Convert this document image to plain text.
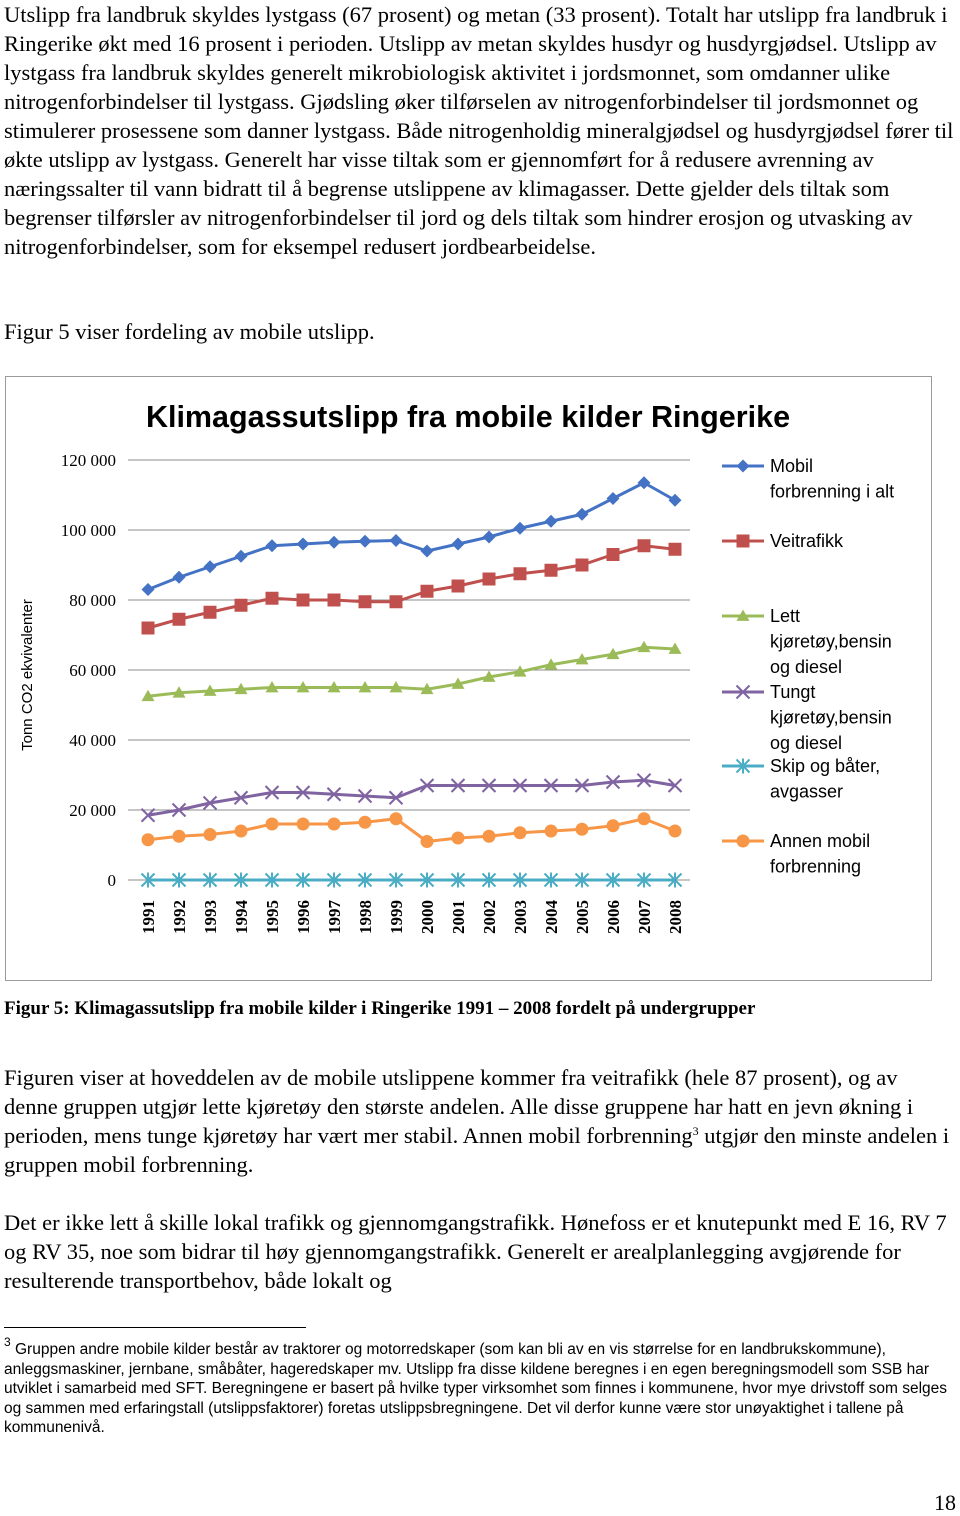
Utslipp fra landbruk skyldes lystgass (67 prosent) og metan (33 prosent). Totalt har utslipp fra landbruk i Ringerike økt med 16 prosent i perioden. Utslipp av metan skyldes husdyr og husdyrgjødsel. Utslipp av lystgass fra landbruk skyldes generelt mikrobiologisk aktivitet i jordsmonnet, som omdanner ulike nitrogenforbindelser til lystgass. Gjødsling øker tilførselen av nitrogenforbindelser til jordsmonnet og stimulerer prosessene som danner lystgass. Både nitrogenholdig mineralgjødsel og husdyrgjødsel fører til økte utslipp av lystgass. Generelt har visse tiltak som er gjennomført for å redusere avrenning av næringssalter til vann bidratt til å begrense utslippene av klimagasser. Dette gjelder dels tiltak som begrenser tilførsler av nitrogenforbindelser til jord og dels tiltak som hindrer erosjon og utvasking av nitrogenforbindelser, som for eksempel redusert jordbearbeidelse.

Figur 5 viser fordeling av mobile utslipp.

Klimagassutslipp fra mobile kilder Ringerike
0
20 000
40 000
60 000
80 000
100 000
120 000
Tonn CO2 ekvivalenter
1991 1992 1993 1994 1995 1996 1997 1998 1999 2000 2001 2002 2003 2004 2005 2006 2007 2008
Mobil
forbrenning i alt
Veitrafikk
Lett
kjøretøy,bensin
og diesel
Tungt
kjøretøy,bensin
og diesel
Skip og båter,
avgasser
Annen mobil
forbrenning

Figur 5: Klimagassutslipp fra mobile kilder i Ringerike 1991 – 2008 fordelt på undergrupper

Figuren viser at hoveddelen av de mobile utslippene kommer fra veitrafikk (hele 87 prosent), og av denne gruppen utgjør lette kjøretøy den største andelen. Alle disse gruppene har hatt en jevn økning i perioden, mens tunge kjøretøy har vært mer stabil. Annen mobil forbrenning$^3$ utgjør den minste andelen i gruppen mobil forbrenning.

Det er ikke lett å skille lokal trafikk og gjennomgangstrafikk. Hønefoss er et knutepunkt med E 16, RV 7 og RV 35, noe som bidrar til høy gjennomgangstrafikk. Generelt er arealplanlegging avgjørende for resulterende transportbehov, både lokalt og

$^3$ Gruppen andre mobile kilder består av traktorer og motorredskaper (som kan bli av en vis størrelse for en landbrukskommune), anleggsmaskiner, jernbane, småbåter, hageredskaper mv. Utslipp fra disse kildene beregnes i en egen beregningsmodell som SSB har utviklet i samarbeid med SFT. Beregningene er basert på hvilke typer virksomhet som finnes i kommunene, hvor mye drivstoff som selges og sammen med erfaringstall (utslippsfaktorer) foretas utslippsbregningene. Det vil derfor kunne være stor unøyaktighet i tallene på kommunenivå.

18
